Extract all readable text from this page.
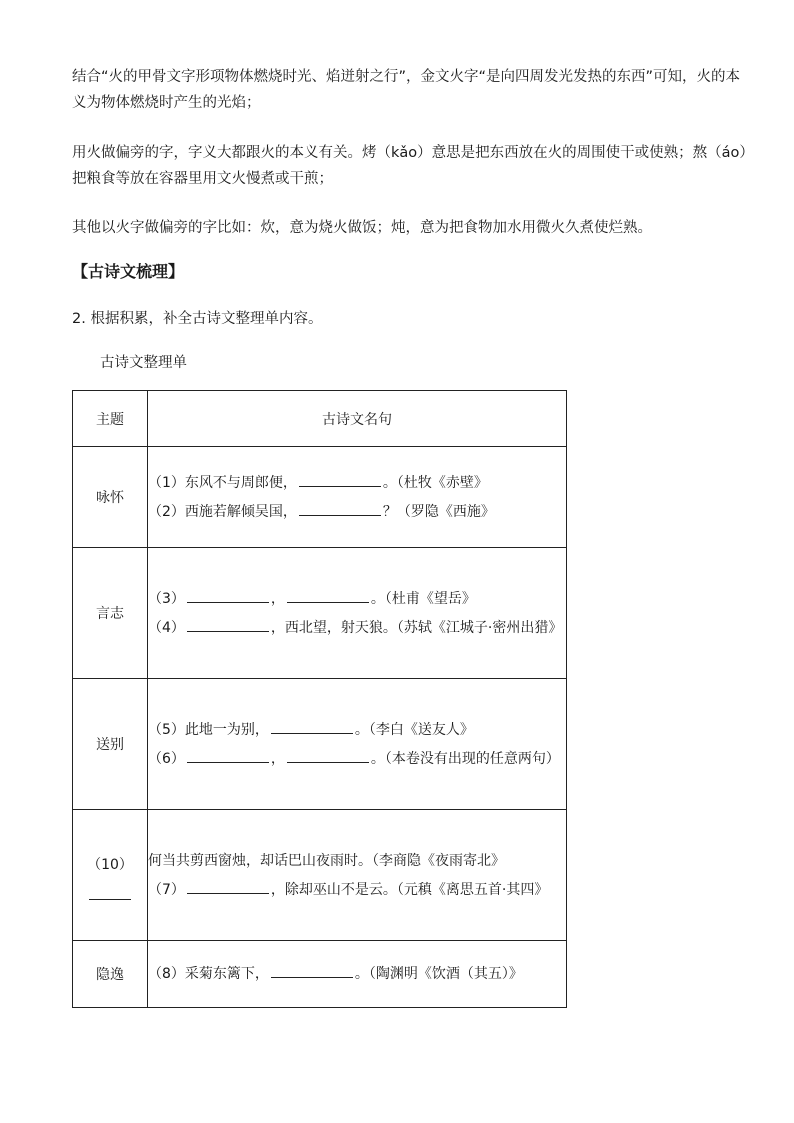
结合“火的甲骨文字形项物体燃烧时光、焰迸射之行”，金文火字“是向四周发光发热的东西”可知，火的本义为物体燃烧时产生的光焰；

用火做偏旁的字，字义大都跟火的本义有关。烤（kǎo）意思是把东西放在火的周围使干或使熟；熬（áo）把粮食等放在容器里用文火慢煮或干煎；

其他以火字做偏旁的字比如：炊，意为烧火做饭；炖，意为把食物加水用微火久煮使烂熟。

【古诗文梳理】

2. 根据积累，补全古诗文整理单内容。

古诗文整理单

主题	古诗文名句
咏怀	（1）东风不与周郎便， 。（杜牧《赤壁》
（2）西施若解倾吴国， ？（罗隐《西施》

言志	（3） ， 。（杜甫《望岳》
（4） ，西北望，射天狼。（苏轼《江城子·密州出猎》

送别	（5）此地一为别， 。（李白《送友人》
（6） ， 。（本卷没有出现的任意两句）

（10）	何当共剪西窗烛，却话巴山夜雨时。（李商隐《夜雨寄北》
（7） ，除却巫山不是云。（元稹《离思五首·其四》

隐逸	（8）采菊东篱下， 。（陶渊明《饮酒（其五）》
